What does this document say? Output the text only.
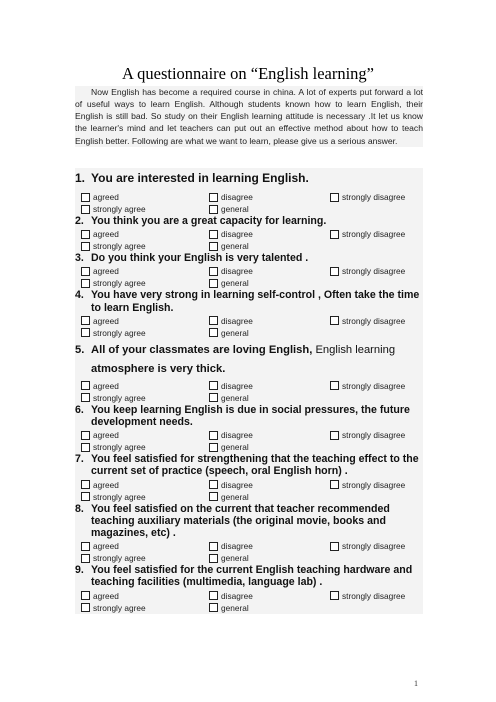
A questionnaire on “English learning”

Now English has become a required course in china. A lot of experts put forward a lot of useful ways to learn English. Although students known how to learn English, their English is still bad. So study on their English learning attitude is necessary .It let us know the learner's mind and let teachers can put out an effective method about how to teach English better. Following are what we want to learn, please give us a serious answer.

1. You are interested in learning English.
agreed	disagree	strongly disagree
strongly agree	general
2. You think you are a great capacity for learning.
agreed	disagree	strongly disagree
strongly agree	general
3. Do you think your English is very talented .
agreed	disagree	strongly disagree
strongly agree	general
4. You have very strong in learning self-control , Often take the time to learn English.
agreed	disagree	strongly disagree
strongly agree	general
5. All of your classmates are loving English, English learning atmosphere is very thick.
agreed	disagree	strongly disagree
strongly agree	general
6. You keep learning English is due in social pressures, the future development needs.
agreed	disagree	strongly disagree
strongly agree	general
7. You feel satisfied for strengthening that the teaching effect to the current set of practice (speech, oral English horn) .
agreed	disagree	strongly disagree
strongly agree	general
8. You feel satisfied on the current that teacher recommended teaching auxiliary materials (the original movie, books and magazines, etc) .
agreed	disagree	strongly disagree
strongly agree	general
9. You feel satisfied for the current English teaching hardware and teaching facilities (multimedia, language lab) .
agreed	disagree	strongly disagree
strongly agree	general
1
